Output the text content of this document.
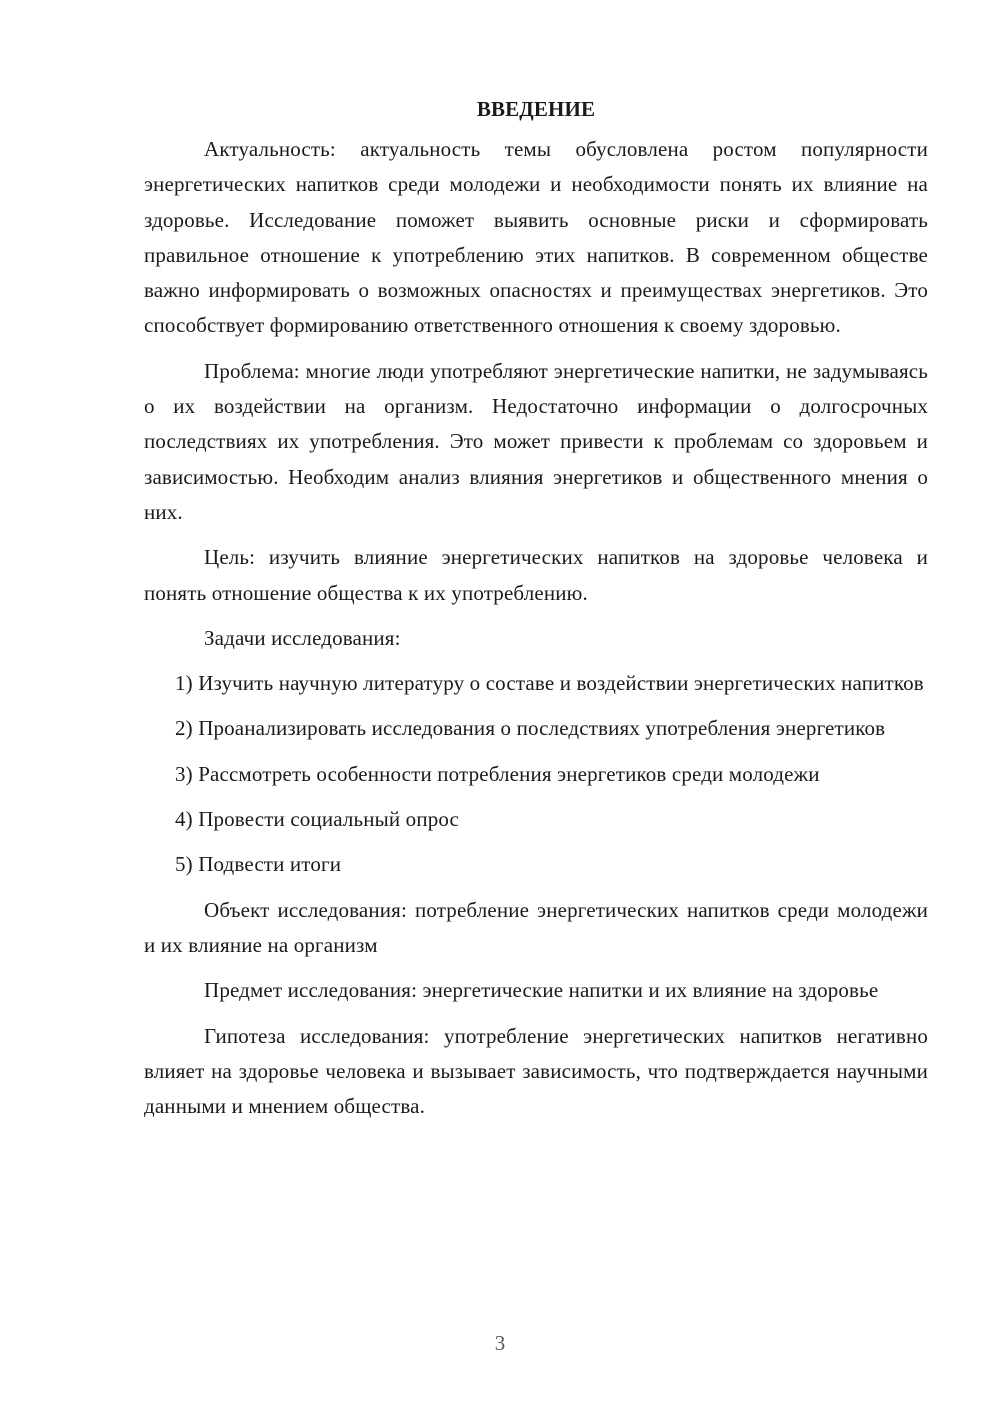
ВВЕДЕНИЕ

Актуальность: актуальность темы обусловлена ростом популярности энергетических напитков среди молодежи и необходимости понять их влияние на здоровье. Исследование поможет выявить основные риски и сформировать правильное отношение к употреблению этих напитков. В современном обществе важно информировать о возможных опасностях и преимуществах энергетиков. Это способствует формированию ответственного отношения к своему здоровью.

Проблема: многие люди употребляют энергетические напитки, не задумываясь о их воздействии на организм. Недостаточно информации о долгосрочных последствиях их употребления. Это может привести к проблемам со здоровьем и зависимостью. Необходим анализ влияния энергетиков и общественного мнения о них.

Цель: изучить влияние энергетических напитков на здоровье человека и понять отношение общества к их употреблению.

Задачи исследования:

1) Изучить научную литературу о составе и воздействии энергетических напитков

2) Проанализировать исследования о последствиях употребления энергетиков

3) Рассмотреть особенности потребления энергетиков среди молодежи

4) Провести социальный опрос

5) Подвести итоги

Объект исследования: потребление энергетических напитков среди молодежи и их влияние на организм

Предмет исследования: энергетические напитки и их влияние на здоровье

Гипотеза исследования: употребление энергетических напитков негативно влияет на здоровье человека и вызывает зависимость, что подтверждается научными данными и мнением общества.

3
